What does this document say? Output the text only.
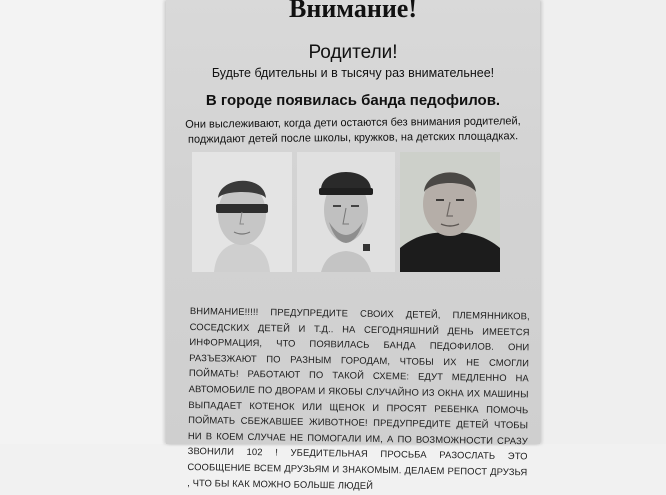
Внимание!
Родители!
Будьте бдительны и в тысячу раз внимательнее!
В городе появилась банда педофилов.
Они выслеживают, когда дети остаются без внимания родителей, поджидают детей после школы, кружков, на детских площадках.
ВНИМАНИЕ!!!!! ПРЕДУПРЕДИТЕ СВОИХ ДЕТЕЙ, ПЛЕМЯННИКОВ, СОСЕДСКИХ ДЕТЕЙ И Т.Д.. НА СЕГОДНЯШНИЙ ДЕНЬ ИМЕЕТСЯ ИНФОРМАЦИЯ, ЧТО ПОЯВИЛАСЬ БАНДА ПЕДОФИЛОВ. ОНИ РАЗЪЕЗЖАЮТ ПО РАЗНЫМ ГОРОДАМ, ЧТОБЫ ИХ НЕ СМОГЛИ ПОЙМАТЬ! РАБОТАЮТ ПО ТАКОЙ СХЕМЕ: ЕДУТ МЕДЛЕННО НА АВТОМОБИЛЕ ПО ДВОРАМ И ЯКОБЫ СЛУЧАЙНО ИЗ ОКНА ИХ МАШИНЫ ВЫПАДАЕТ КОТЕНОК ИЛИ ЩЕНОК И ПРОСЯТ РЕБЕНКА ПОМОЧЬ ПОЙМАТЬ СБЕЖАВШЕЕ ЖИВОТНОЕ! ПРЕДУПРЕДИТЕ ДЕТЕЙ ЧТОБЫ НИ В КОЕМ СЛУЧАЕ НЕ ПОМОГАЛИ ИМ, А ПО ВОЗМОЖНОСТИ СРАЗУ ЗВОНИЛИ 102 ! УБЕДИТЕЛЬНАЯ ПРОСЬБА РАЗОСЛАТЬ ЭТО СООБЩЕНИЕ ВСЕМ ДРУЗЬЯМ И ЗНАКОМЫМ. ДЕЛАЕМ РЕПОСТ ДРУЗЬЯ , ЧТО БЫ КАК МОЖНО БОЛЬШЕ ЛЮДЕЙ
